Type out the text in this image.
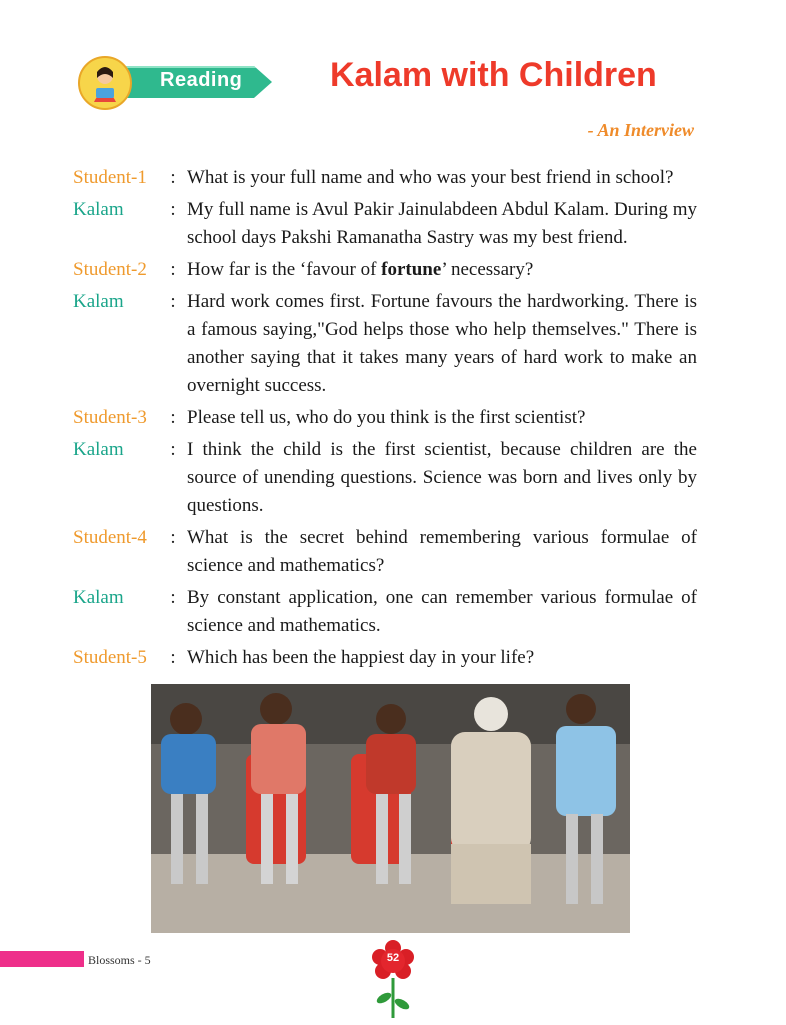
Reading	Kalam with Children
- An Interview
Student-1	: What is your full name and who was your best friend in school?
Kalam	: My full name is Avul Pakir Jainulabdeen Abdul Kalam. During my school days Pakshi Ramanatha Sastry was my best friend.
Student-2	: How far is the ‘favour of fortune’ necessary?
Kalam	: Hard work comes first. Fortune favours the hardworking. There is a famous saying,"God helps those who help themselves." There is another saying that it takes many years of hard work to make an overnight success.
Student-3	: Please tell us, who do you think is the first scientist?
Kalam	: I think the child is the first scientist, because children are the source of unending questions. Science was born and lives only by questions.
Student-4	: What is the secret behind remembering various formulae of science and mathematics?
Kalam	: By constant application, one can remember various formulae of science and mathematics.
Student-5	: Which has been the happiest day in your life?
Blossoms - 5	52
